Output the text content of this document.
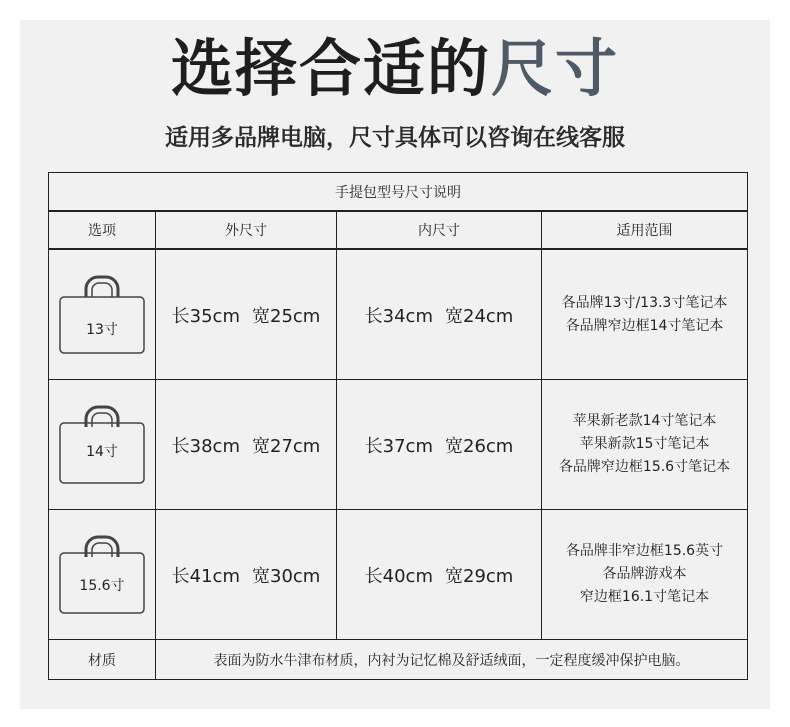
选择合适的尺寸
适用多品牌电脑，尺寸具体可以咨询在线客服
手提包型号尺寸说明			
选项	外尺寸	内尺寸	适用范围

13寸	长35cm 宽25cm	长34cm 宽24cm	各品牌13寸/13.3寸笔记本
各品牌窄边框14寸笔记本

14寸	长38cm 宽27cm	长37cm 宽26cm	苹果新老款14寸笔记本
苹果新款15寸笔记本
各品牌窄边框15.6寸笔记本

15.6寸	长41cm 宽30cm	长40cm 宽29cm	各品牌非窄边框15.6英寸
各品牌游戏本
窄边框16.1寸笔记本

材质	表面为防水牛津布材质，内衬为记忆棉及舒适绒面，一定程度缓冲保护电脑。		
